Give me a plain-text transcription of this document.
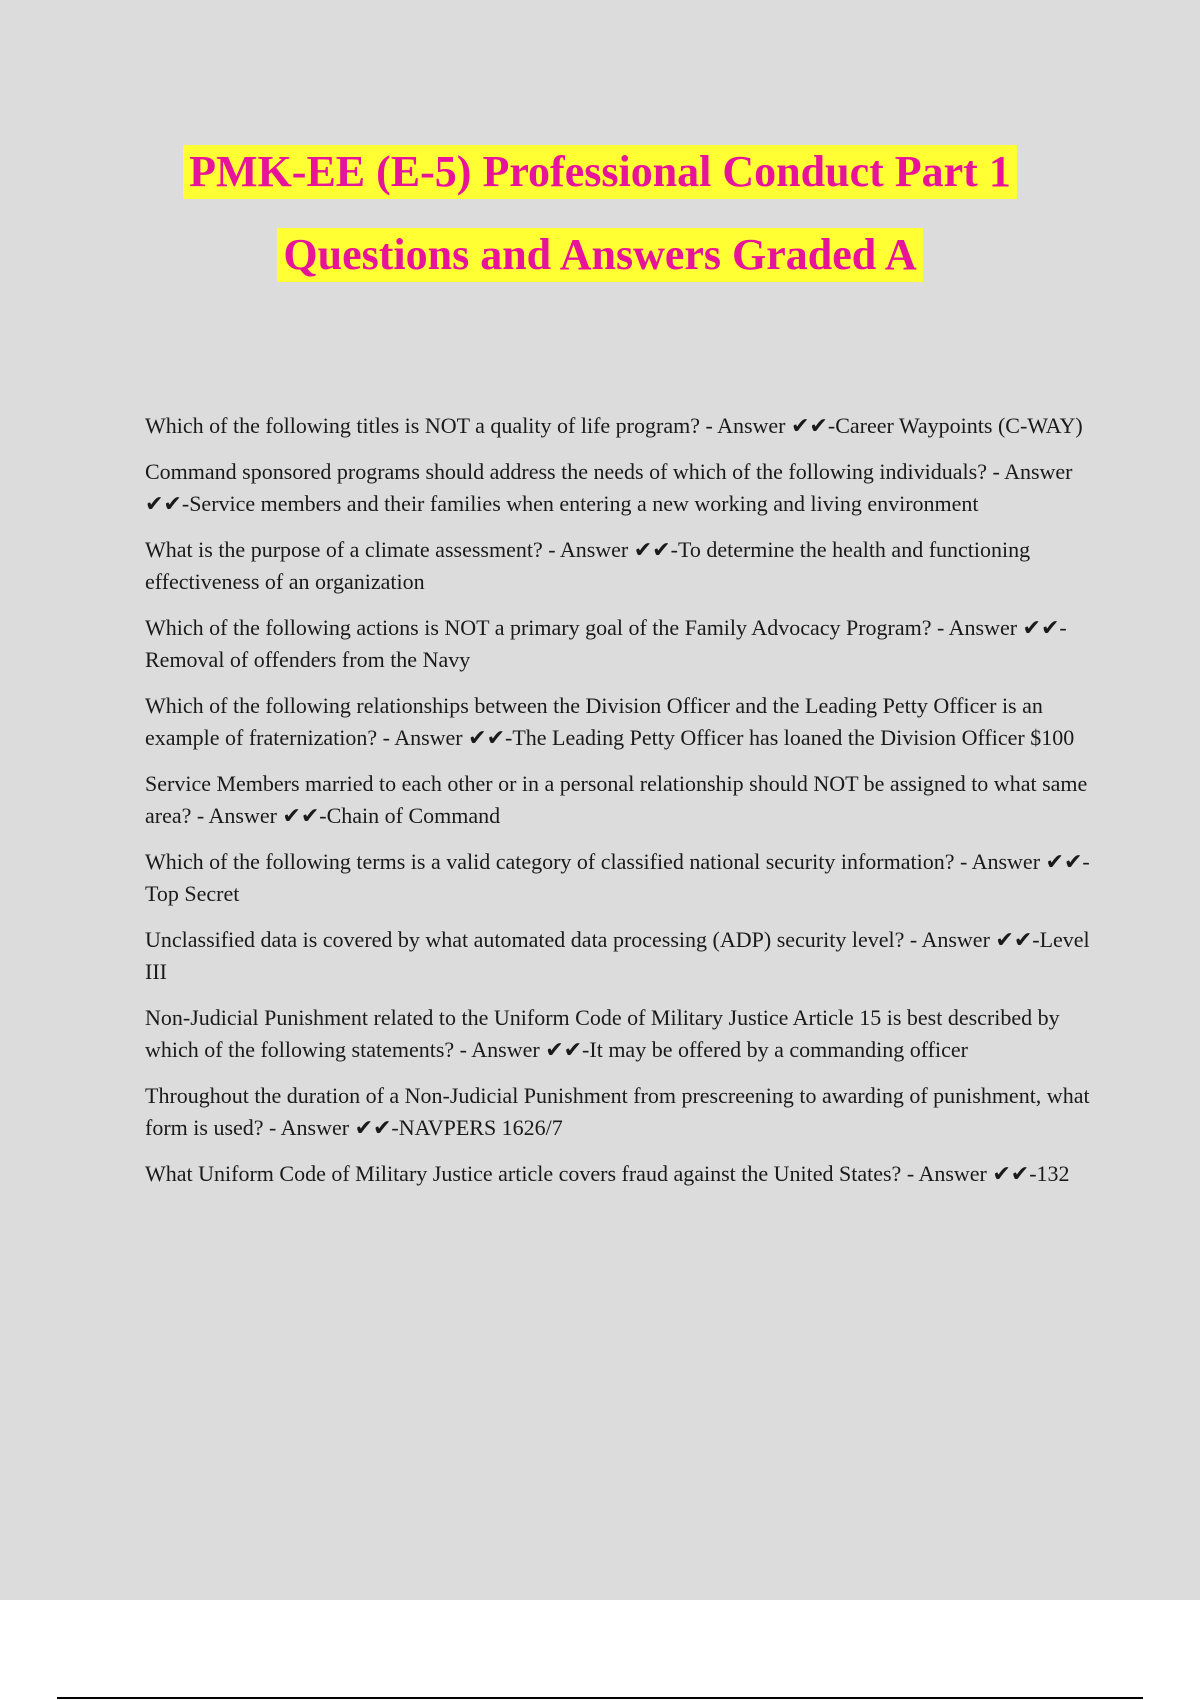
PMK-EE (E-5) Professional Conduct Part 1
Questions and Answers Graded A

Which of the following titles is NOT a quality of life program? - Answer ✔✔-Career Waypoints (C-WAY)

Command sponsored programs should address the needs of which of the following individuals? - Answer ✔✔-Service members and their families when entering a new working and living environment

What is the purpose of a climate assessment? - Answer ✔✔-To determine the health and functioning effectiveness of an organization

Which of the following actions is NOT a primary goal of the Family Advocacy Program? - Answer ✔✔-Removal of offenders from the Navy

Which of the following relationships between the Division Officer and the Leading Petty Officer is an example of fraternization? - Answer ✔✔-The Leading Petty Officer has loaned the Division Officer $100

Service Members married to each other or in a personal relationship should NOT be assigned to what same area? - Answer ✔✔-Chain of Command

Which of the following terms is a valid category of classified national security information? - Answer ✔✔-Top Secret

Unclassified data is covered by what automated data processing (ADP) security level? - Answer ✔✔-Level III

Non-Judicial Punishment related to the Uniform Code of Military Justice Article 15 is best described by which of the following statements? - Answer ✔✔-It may be offered by a commanding officer

Throughout the duration of a Non-Judicial Punishment from prescreening to awarding of punishment, what form is used? - Answer ✔✔-NAVPERS 1626/7

What Uniform Code of Military Justice article covers fraud against the United States? - Answer ✔✔-132
